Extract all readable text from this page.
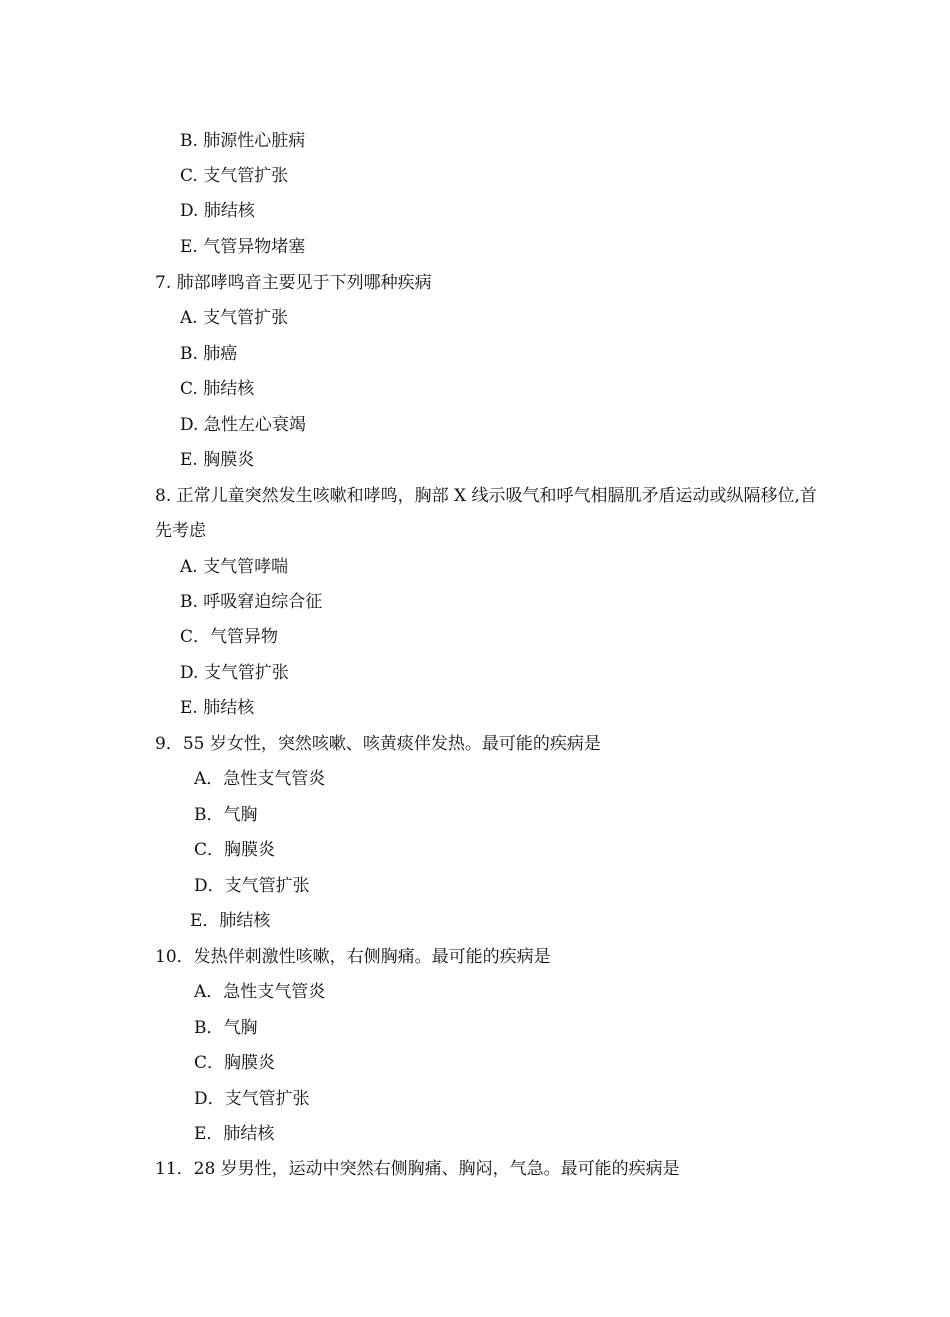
B. 肺源性心脏病
C. 支气管扩张
D. 肺结核
E. 气管异物堵塞
7. 肺部哮鸣音主要见于下列哪种疾病
A. 支气管扩张
B. 肺癌
C. 肺结核
D. 急性左心衰竭
E. 胸膜炎
8. 正常儿童突然发生咳嗽和哮鸣，胸部 X 线示吸气和呼气相膈肌矛盾运动或纵隔移位,首
先考虑
A. 支气管哮喘
B. 呼吸窘迫综合征
C．气管异物
D. 支气管扩张
E. 肺结核
9．55 岁女性，突然咳嗽、咳黄痰伴发热。最可能的疾病是
A．急性支气管炎
B．气胸
C．胸膜炎
D．支气管扩张
E．肺结核
10．发热伴刺激性咳嗽，右侧胸痛。最可能的疾病是
A．急性支气管炎
B．气胸
C．胸膜炎
D．支气管扩张
E．肺结核
11．28 岁男性，运动中突然右侧胸痛、胸闷，气急。最可能的疾病是
